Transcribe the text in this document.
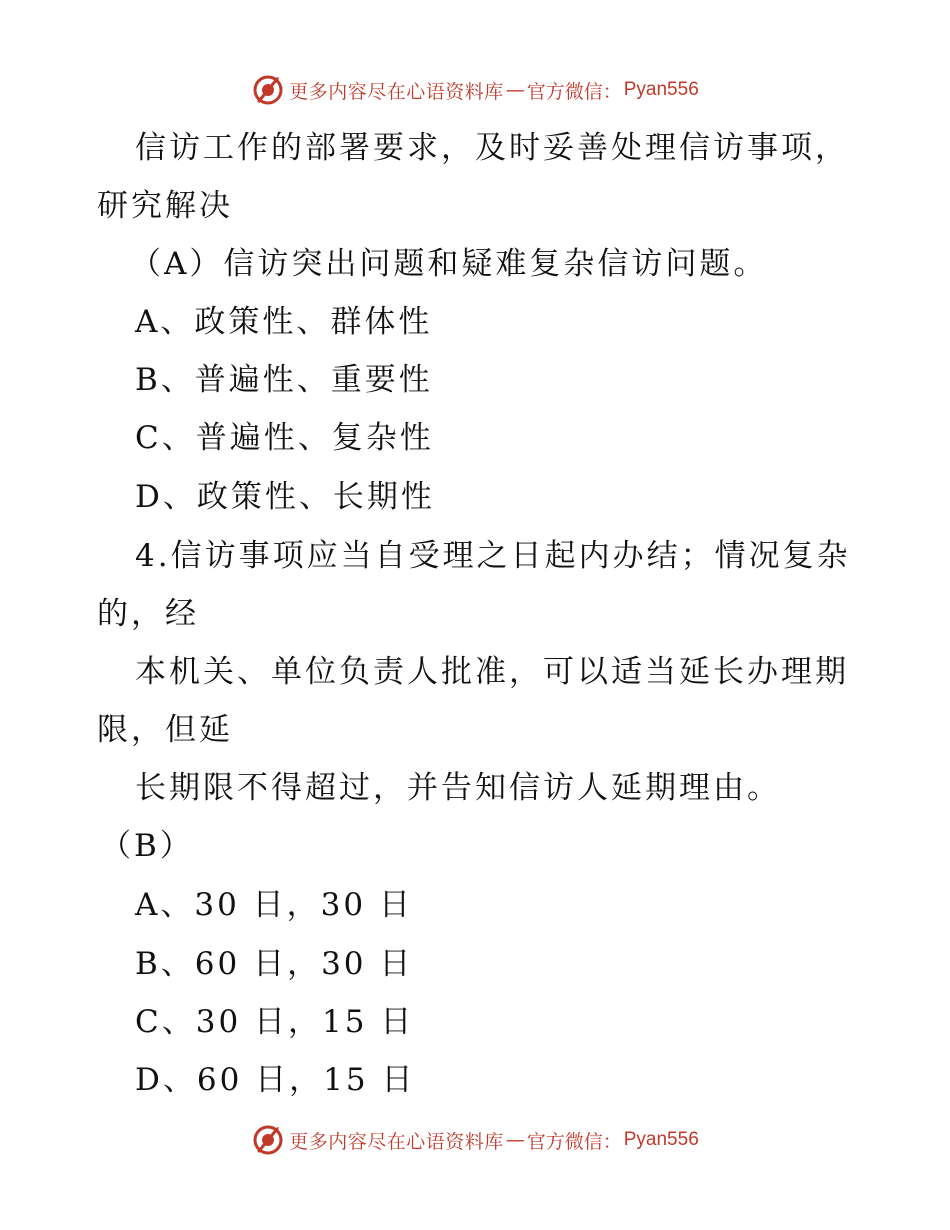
更多内容尽在心语资料库 — 官方微信： Pyan556
信访工作的部署要求，及时妥善处理信访事项，
研究解决
（A）信访突出问题和疑难复杂信访问题。
A、政策性、群体性
B、普遍性、重要性
C、普遍性、复杂性
D、政策性、长期性
4.信访事项应当自受理之日起内办结；情况复杂
的，经
本机关、单位负责人批准，可以适当延长办理期
限，但延
长期限不得超过，并告知信访人延期理由。
（B）
A、30 日，30 日
B、60 日，30 日
C、30 日，15 日
D、60 日，15 日
更多内容尽在心语资料库 — 官方微信： Pyan556
